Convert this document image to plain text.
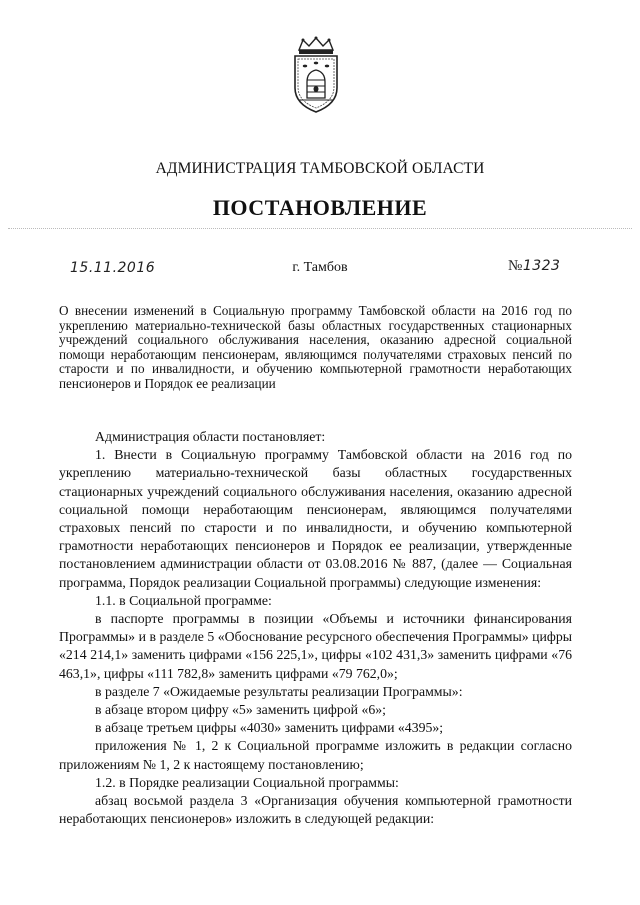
АДМИНИСТРАЦИЯ ТАМБОВСКОЙ ОБЛАСТИ
ПОСТАНОВЛЕНИЕ
15.11.2016	г. Тамбов	№1323

О внесении изменений в Социальную программу Тамбовской области на 2016 год по укреплению материально-технической базы областных государственных стационарных учреждений социального обслуживания населения, оказанию адресной социальной помощи неработающим пенсионерам, являющимся получателями страховых пенсий по старости и по инвалидности, и обучению компьютерной грамотности неработающих пенсионеров и Порядок ее реализации

Администрация области постановляет:

1. Внести в Социальную программу Тамбовской области на 2016 год по укреплению материально-технической базы областных государственных стационарных учреждений социального обслуживания населения, оказанию адресной социальной помощи неработающим пенсионерам, являющимся получателями страховых пенсий по старости и по инвалидности, и обучению компьютерной грамотности неработающих пенсионеров и Порядок ее реализации, утвержденные постановлением администрации области от 03.08.2016 № 887, (далее — Социальная программа, Порядок реализации Социальной программы) следующие изменения:

1.1. в Социальной программе:

в паспорте программы в позиции «Объемы и источники финансирования Программы» и в разделе 5 «Обоснование ресурсного обеспечения Программы» цифры «214 214,1» заменить цифрами «156 225,1», цифры «102 431,3» заменить цифрами «76 463,1», цифры «111 782,8» заменить цифрами «79 762,0»;

в разделе 7 «Ожидаемые результаты реализации Программы»:

в абзаце втором цифру «5» заменить цифрой «6»;

в абзаце третьем цифры «4030» заменить цифрами «4395»;

приложения № 1, 2 к Социальной программе изложить в редакции согласно приложениям № 1, 2 к настоящему постановлению;

1.2. в Порядке реализации Социальной программы:

абзац восьмой раздела 3 «Организация обучения компьютерной грамотности неработающих пенсионеров» изложить в следующей редакции:
